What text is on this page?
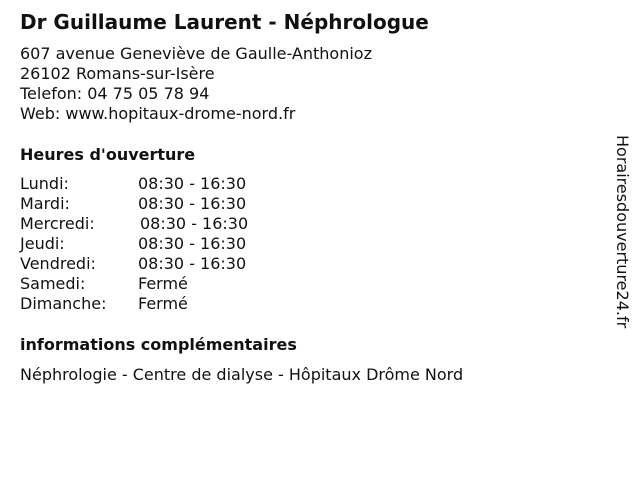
Dr Guillaume Laurent - Néphrologue
607 avenue Geneviève de Gaulle-Anthonioz
26102 Romans-sur-Isère
Telefon: 04 75 05 78 94
Web: www.hopitaux-drome-nord.fr
Heures d'ouverture
Lundi:	08:30 - 16:30
Mardi:	08:30 - 16:30
Mercredi:	08:30 - 16:30
Jeudi:	08:30 - 16:30
Vendredi:	08:30 - 16:30
Samedi:	Fermé
Dimanche: Fermé
informations complémentaires
Néphrologie - Centre de dialyse - Hôpitaux Drôme Nord
Horairesdouverture24.fr
